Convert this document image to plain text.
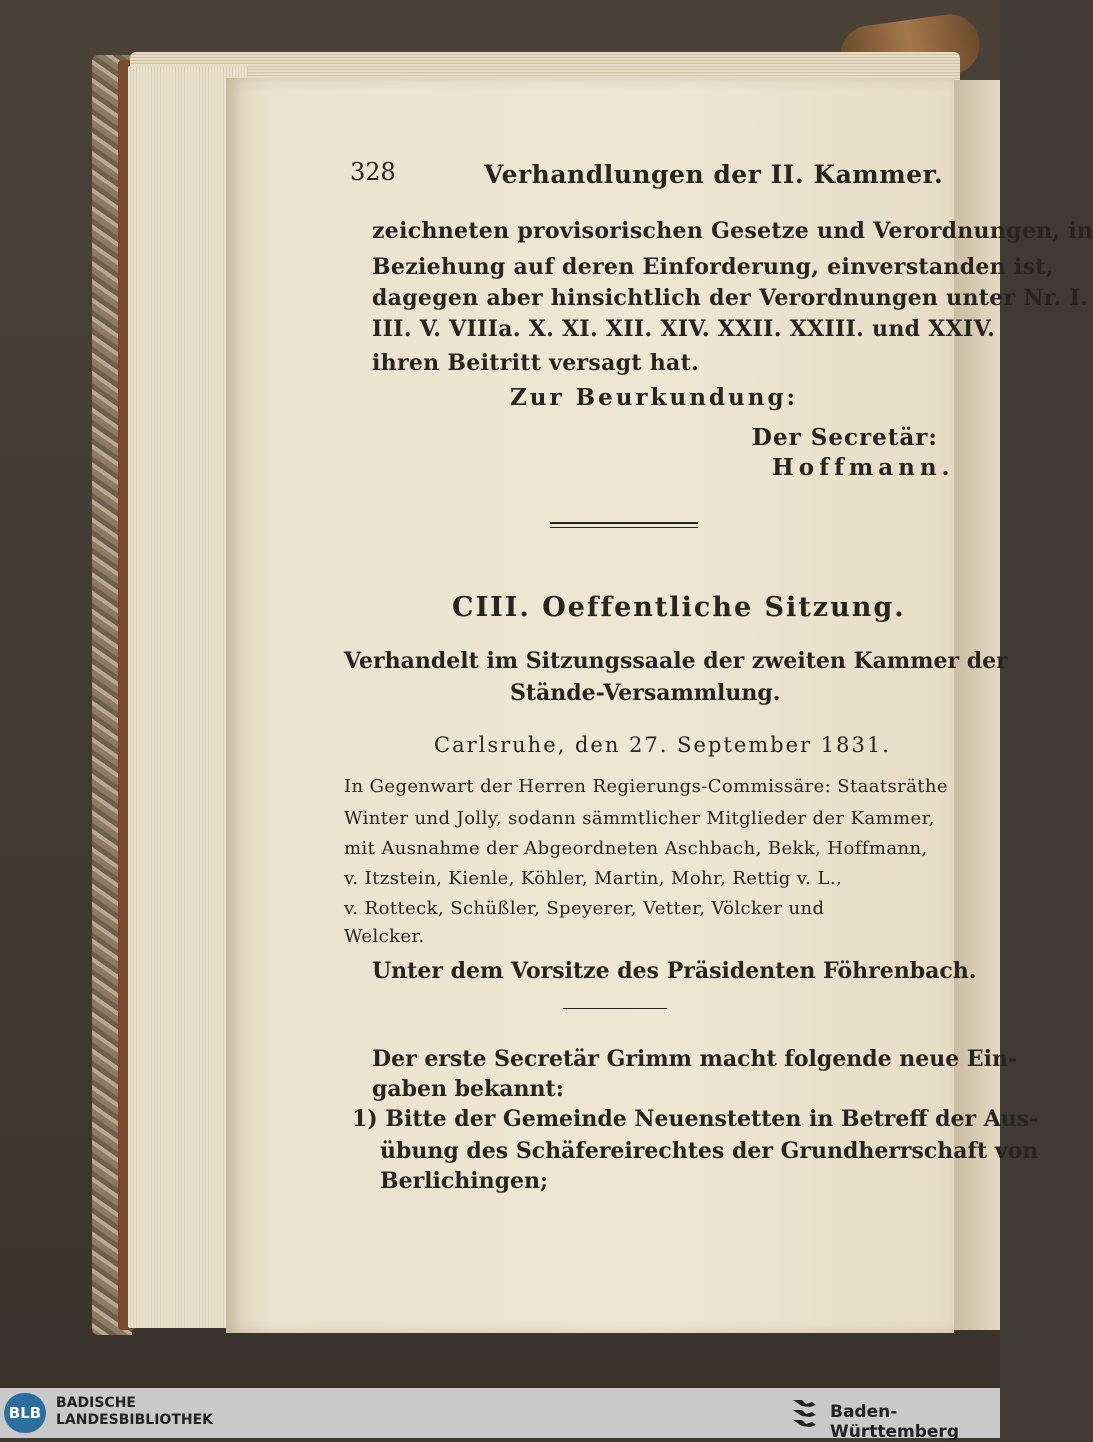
328	Verhandlungen der II. Kammer.
zeichneten provisorischen Gesetze und Verordnungen, in
Beziehung auf deren Einforderung, einverstanden ist,
dagegen aber hinsichtlich der Verordnungen unter Nr. I.
III. V. VIIIa. X. XI. XII. XIV. XXII. XXIII. und XXIV.
ihren Beitritt versagt hat.
Zur Beurkundung:
Der Secretär:
Hoffmann.
CIII. Oeffentliche Sitzung.
Verhandelt im Sitzungssaale der zweiten Kammer der
Stände-Versammlung.
Carlsruhe, den 27. September 1831.
In Gegenwart der Herren Regierungs-Commissäre: Staatsräthe
Winter und Jolly, sodann sämmtlicher Mitglieder der Kammer,
mit Ausnahme der Abgeordneten Aschbach, Bekk, Hoffmann,
v. Itzstein, Kienle, Köhler, Martin, Mohr, Rettig v. L.,
v. Rotteck, Schüßler, Speyerer, Vetter, Völcker und
Welcker.
Unter dem Vorsitze des Präsidenten Föhrenbach.
Der erste Secretär Grimm macht folgende neue Ein-
gaben bekannt:
1) Bitte der Gemeinde Neuenstetten in Betreff der Aus-
übung des Schäfereirechtes der Grundherrschaft von
Berlichingen;
BLB
BADISCHE
LANDESBIBLIOTHEK	Baden-Württemberg
